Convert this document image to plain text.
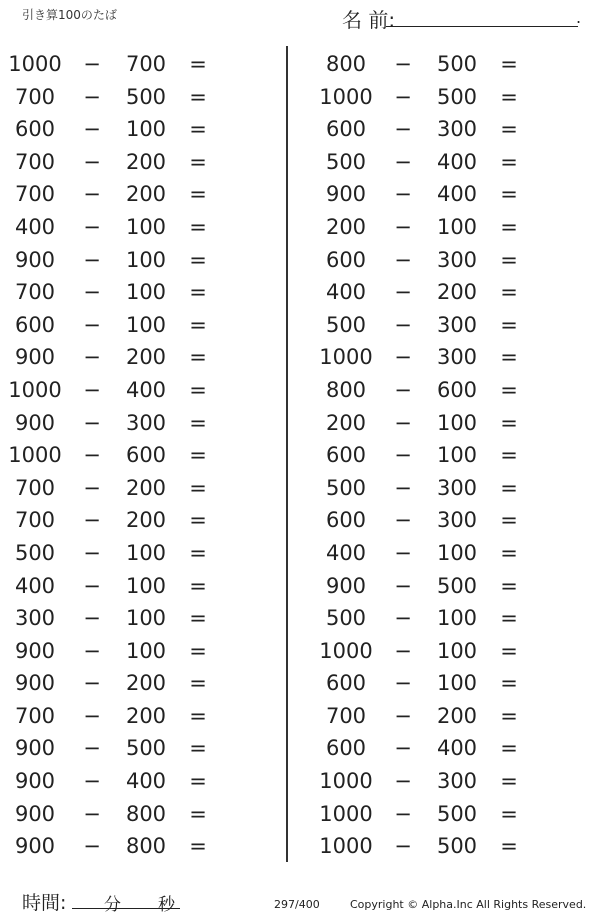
引き算100のたば	名 前:	.
1000 −	700	=
700	−	500	=
600	−	100	=
700	−	200	=
700	−	200	=
400	−	100	=
900	−	100	=
700	−	100	=
600	−	100	=
900	−	200	=
1000 −	400	=
900	−	300	=
1000 −	600	=
700	−	200	=
700	−	200	=
500	−	100	=
400	−	100	=
300	−	100	=
900	−	100	=
900	−	200	=
700	−	200	=
900	−	500	=
900	−	400	=
900	−	800	=
900	−	800	=
800	−	500	=
1000 −	500	=
600	−	300	=
500	−	400	=
900	−	400	=
200	−	100	=
600	−	300	=
400	−	200	=
500	−	300	=
1000 −	300	=
800	−	600	=
200	−	100	=
600	−	100	=
500	−	300	=
600	−	300	=
400	−	100	=
900	−	500	=
500	−	100	=
1000 −	100	=
600	−	100	=
700	−	200	=
600	−	400	=
1000 −	300	=
1000 −	500	=
1000 −	500	=
時間: 分 秒	297/400	Copyright © Alpha.Inc All Rights Reserved.
